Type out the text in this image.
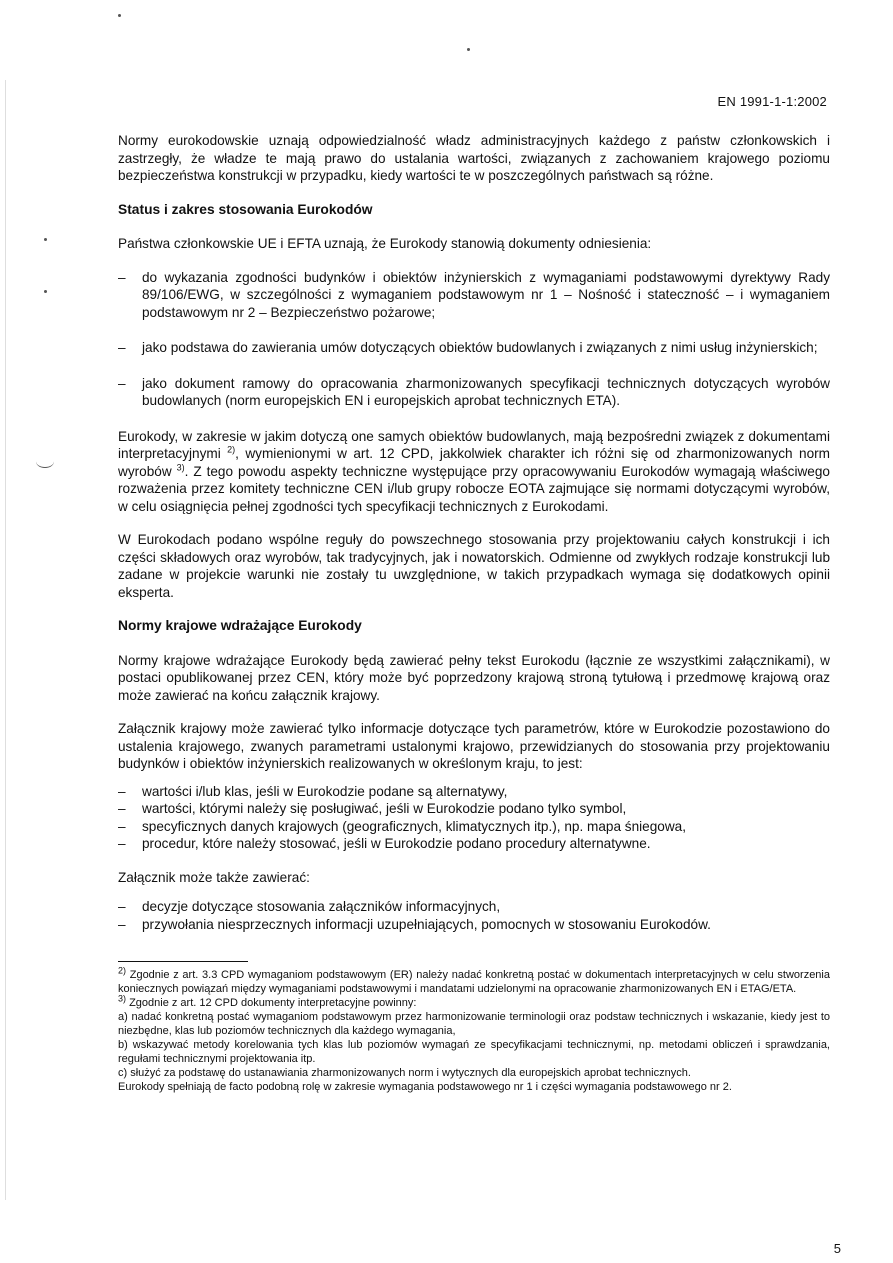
EN 1991-1-1:2002

Normy eurokodowskie uznają odpowiedzialność władz administracyjnych każdego z państw członkowskich i zastrzegły, że władze te mają prawo do ustalania wartości, związanych z zachowaniem krajowego poziomu bezpieczeństwa konstrukcji w przypadku, kiedy wartości te w poszczególnych państwach są różne.

Status i zakres stosowania Eurokodów

Państwa członkowskie UE i EFTA uznają, że Eurokody stanowią dokumenty odniesienia:

– do wykazania zgodności budynków i obiektów inżynierskich z wymaganiami podstawowymi dyrektywy Rady 89/106/EWG, w szczególności z wymaganiem podstawowym nr 1 – Nośność i stateczność – i wymaganiem podstawowym nr 2 – Bezpieczeństwo pożarowe;
– jako podstawa do zawierania umów dotyczących obiektów budowlanych i związanych z nimi usług inżynierskich;
– jako dokument ramowy do opracowania zharmonizowanych specyfikacji technicznych dotyczących wyrobów budowlanych (norm europejskich EN i europejskich aprobat technicznych ETA).

Eurokody, w zakresie w jakim dotyczą one samych obiektów budowlanych, mają bezpośredni związek z dokumentami interpretacyjnymi $^{2)}$, wymienionymi w art. 12 CPD, jakkolwiek charakter ich różni się od zharmonizowanych norm wyrobów $^{3)}$. Z tego powodu aspekty techniczne występujące przy opracowywaniu Eurokodów wymagają właściwego rozważenia przez komitety techniczne CEN i/lub grupy robocze EOTA zajmujące się normami dotyczącymi wyrobów, w celu osiągnięcia pełnej zgodności tych specyfikacji technicznych z Eurokodami.

W Eurokodach podano wspólne reguły do powszechnego stosowania przy projektowaniu całych konstrukcji i ich części składowych oraz wyrobów, tak tradycyjnych, jak i nowatorskich. Odmienne od zwykłych rodzaje konstrukcji lub zadane w projekcie warunki nie zostały tu uwzględnione, w takich przypadkach wymaga się dodatkowych opinii eksperta.

Normy krajowe wdrażające Eurokody

Normy krajowe wdrażające Eurokody będą zawierać pełny tekst Eurokodu (łącznie ze wszystkimi załącznikami), w postaci opublikowanej przez CEN, który może być poprzedzony krajową stroną tytułową i przedmowę krajową oraz może zawierać na końcu załącznik krajowy.

Załącznik krajowy może zawierać tylko informacje dotyczące tych parametrów, które w Eurokodzie pozostawiono do ustalenia krajowego, zwanych parametrami ustalonymi krajowo, przewidzianych do stosowania przy projektowaniu budynków i obiektów inżynierskich realizowanych w określonym kraju, to jest:

– wartości i/lub klas, jeśli w Eurokodzie podane są alternatywy,
– wartości, którymi należy się posługiwać, jeśli w Eurokodzie podano tylko symbol,
– specyficznych danych krajowych (geograficznych, klimatycznych itp.), np. mapa śniegowa,
– procedur, które należy stosować, jeśli w Eurokodzie podano procedury alternatywne.

Załącznik może także zawierać:

– decyzje dotyczące stosowania załączników informacyjnych,
– przywołania niesprzecznych informacji uzupełniających, pomocnych w stosowaniu Eurokodów.

$^{2)}$ Zgodnie z art. 3.3 CPD wymaganiom podstawowym (ER) należy nadać konkretną postać w dokumentach interpretacyjnych w celu stworzenia koniecznych powiązań między wymaganiami podstawowymi i mandatami udzielonymi na opracowanie zharmonizowanych EN i ETAG/ETA.

$^{3)}$ Zgodnie z art. 12 CPD dokumenty interpretacyjne powinny:

a) nadać konkretną postać wymaganiom podstawowym przez harmonizowanie terminologii oraz podstaw technicznych i wskazanie, kiedy jest to niezbędne, klas lub poziomów technicznych dla każdego wymagania,

b) wskazywać metody korelowania tych klas lub poziomów wymagań ze specyfikacjami technicznymi, np. metodami obliczeń i sprawdzania, regułami technicznymi projektowania itp.

c) służyć za podstawę do ustanawiania zharmonizowanych norm i wytycznych dla europejskich aprobat technicznych.

Eurokody spełniają de facto podobną rolę w zakresie wymagania podstawowego nr 1 i części wymagania podstawowego nr 2.

5
